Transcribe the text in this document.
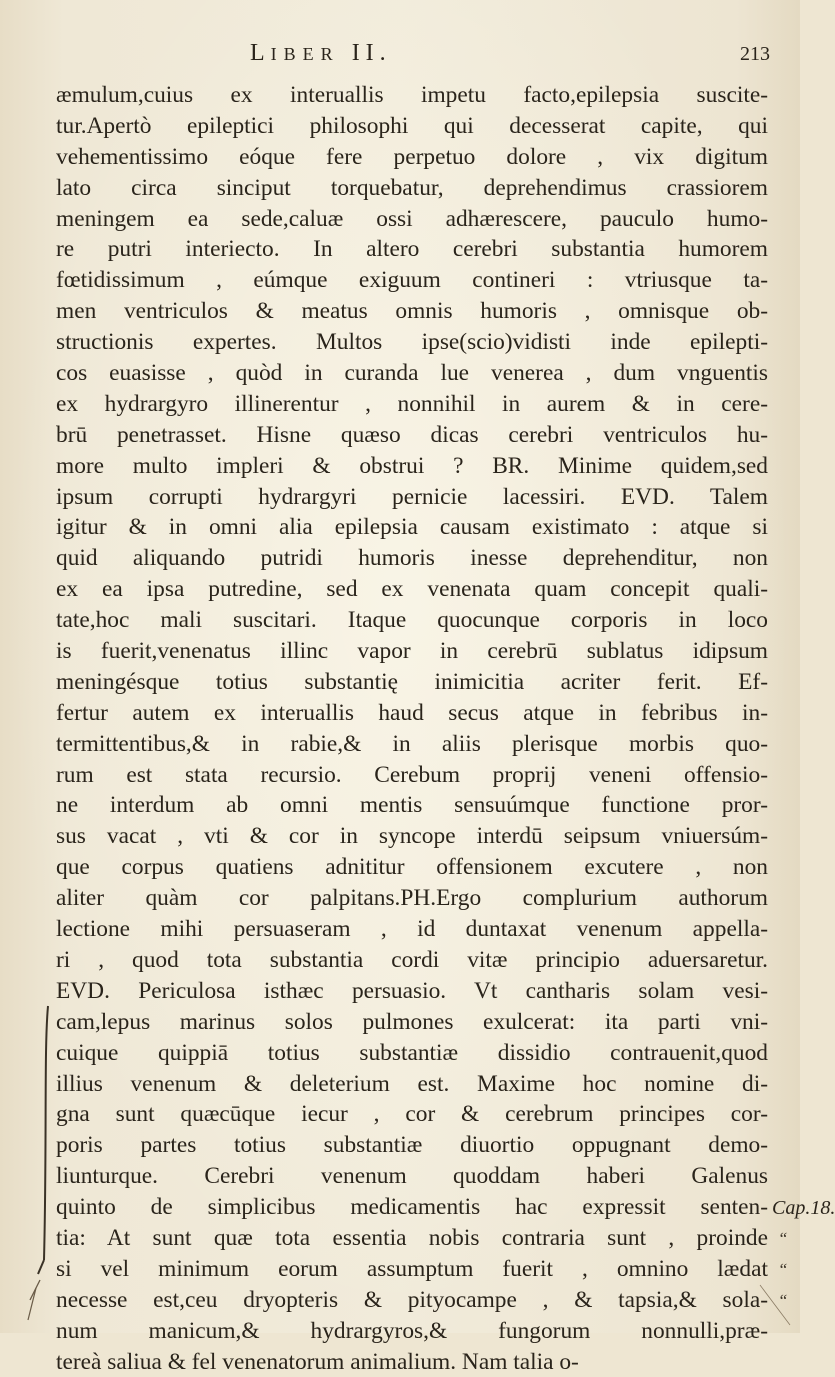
LIBER II.	213
æmulum,cuius ex interuallis impetu facto,epilepsia suscite-
tur.Apertò epileptici philosophi qui decesserat capite, qui
vehementissimo eóque fere perpetuo dolore , vix digitum
lato circa sinciput torquebatur, deprehendimus crassiorem
meningem ea sede,caluæ ossi adhærescere, pauculo humo-
re putri interiecto. In altero cerebri substantia humorem
fœtidissimum , eúmque exiguum contineri : vtriusque ta-
men ventriculos & meatus omnis humoris , omnisque ob-
structionis expertes. Multos ipse(scio)vidisti inde epilepti-
cos euasisse , quòd in curanda lue venerea , dum vnguentis
ex hydrargyro illinerentur , nonnihil in aurem & in cere-
brū penetrasset. Hisne quæso dicas cerebri ventriculos hu-
more multo impleri & obstrui ? BR. Minime quidem,sed
ipsum corrupti hydrargyri pernicie lacessiri. EVD. Talem
igitur & in omni alia epilepsia causam existimato : atque si
quid aliquando putridi humoris inesse deprehenditur, non
ex ea ipsa putredine, sed ex venenata quam concepit quali-
tate,hoc mali suscitari. Itaque quocunque corporis in loco
is fuerit,venenatus illinc vapor in cerebrū sublatus idipsum
meningésque totius substantię inimicitia acriter ferit. Ef-
fertur autem ex interuallis haud secus atque in febribus in-
termittentibus,& in rabie,& in aliis plerisque morbis quo-
rum est stata recursio. Cerebum proprij veneni offensio-
ne interdum ab omni mentis sensuúmque functione pror-
sus vacat , vti & cor in syncope interdū seipsum vniuersúm-
que corpus quatiens adnititur offensionem excutere , non
aliter quàm cor palpitans.PH.Ergo complurium authorum
lectione mihi persuaseram , id duntaxat venenum appella-
ri , quod tota substantia cordi vitæ principio aduersaretur.
EVD. Periculosa isthæc persuasio. Vt cantharis solam vesi-
cam,lepus marinus solos pulmones exulcerat: ita parti vni-
cuique quippiā totius substantiæ dissidio contrauenit,quod
illius venenum & deleterium est. Maxime hoc nomine di-
gna sunt quæcūque iecur , cor & cerebrum principes cor-
poris partes totius substantiæ diuortio oppugnant demo-
liunturque. Cerebri venenum quoddam haberi Galenus
quinto de simplicibus medicamentis hac expressit senten-
tia: At sunt quæ tota essentia nobis contraria sunt , proinde
si vel minimum eorum assumptum fuerit , omnino lædat
necesse est,ceu dryopteris & pityocampe , & tapsia,& sola-
num manicum,& hydrargyros,& fungorum nonnulli,præ-
tereà saliua & fel venenatorum animalium. Nam talia o-
Cap.18.
“
“
“
